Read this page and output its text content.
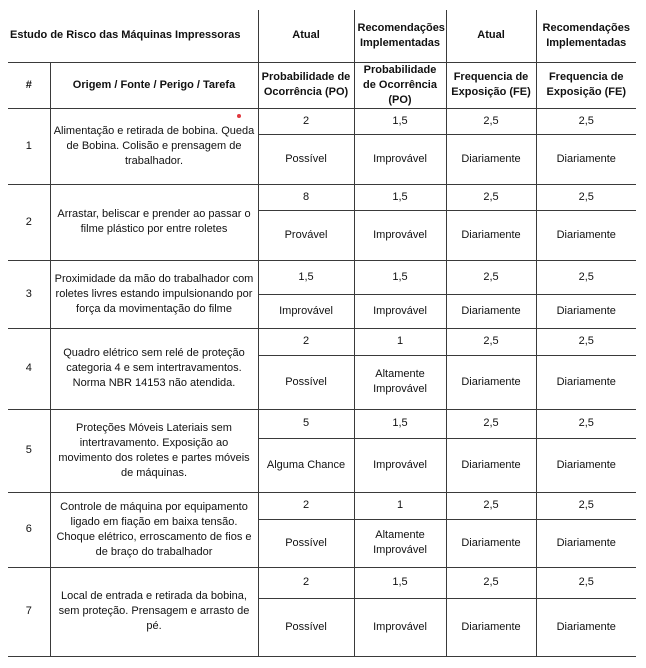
Estudo de Risco das Máquinas Impressoras		Atual	Recomendações Implementadas	Atual	Recomendações Implementadas
#	Origem / Fonte / Perigo / Tarefa	Probabilidade de Ocorrência (PO)	Probabilidade de Ocorrência (PO)	Frequencia de Exposição (FE)	Frequencia de Exposição (FE)
1	Alimentação e retirada de bobina. Queda de Bobina. Colisão e prensagem de trabalhador.	2	1,5	2,5	2,5
		Possível	Improvável	Diariamente	Diariamente
2	Arrastar, beliscar e prender ao passar o filme plástico por entre roletes	8	1,5	2,5	2,5
		Provável	Improvável	Diariamente	Diariamente
3	Proximidade da mão do trabalhador com roletes livres estando impulsionando por força da movimentação do filme	1,5	1,5	2,5	2,5
		Improvável	Improvável	Diariamente	Diariamente
4	Quadro elétrico sem relé de proteção categoria 4 e sem intertravamentos. Norma NBR 14153 não atendida.	2	1	2,5	2,5
		Possível	Altamente Improvável	Diariamente	Diariamente
5	Proteções Móveis Lateriais sem intertravamento. Exposição ao movimento dos roletes e partes móveis de máquinas.	5	1,5	2,5	2,5
		Alguma Chance	Improvável	Diariamente	Diariamente
6	Controle de máquina por equipamento ligado em fiação em baixa tensão. Choque elétrico, erroscamento de fios e de braço do trabalhador	2	1	2,5	2,5
		Possível	Altamente Improvável	Diariamente	Diariamente
7	Local de entrada e retirada da bobina, sem proteção. Prensagem e arrasto de pé.	2	1,5	2,5	2,5
		Possível	Improvável	Diariamente	Diariamente
